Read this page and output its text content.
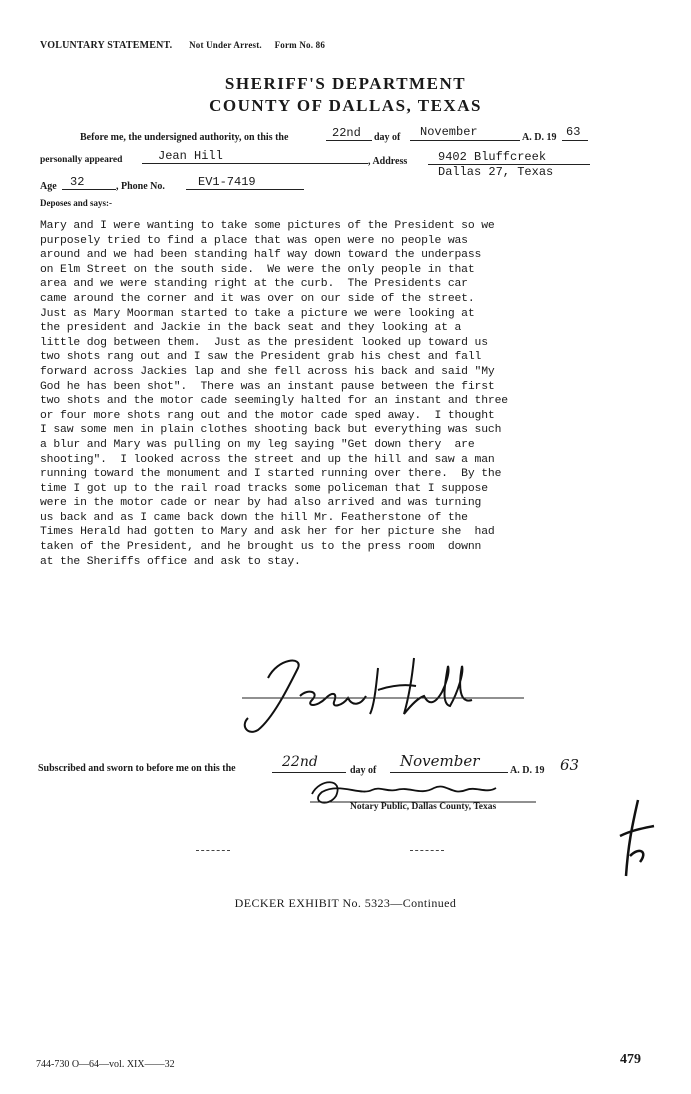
VOLUNTARY STATEMENT. Not Under Arrest. Form No. 86
SHERIFF'S DEPARTMENT
COUNTY OF DALLAS, TEXAS
Before me, the undersigned authority, on this the	22nd day of November	A. D. 19 63
personally appeared	Jean Hill	, Address	9402 Bluffcreek
Dallas 27, Texas
Age 32	, Phone No.	EV1-7419
Deposes and says:-
Mary and I were wanting to take some pictures of the President so we
purposely tried to find a place that was open were no people was
around and we had been standing half way down toward the underpass
on Elm Street on the south side.  We were the only people in that
area and we were standing right at the curb.  The Presidents car
came around the corner and it was over on our side of the street.
Just as Mary Moorman started to take a picture we were looking at
the president and Jackie in the back seat and they looking at a
little dog between them.  Just as the president looked up toward us
two shots rang out and I saw the President grab his chest and fall
forward across Jackies lap and she fell across his back and said "My
God he has been shot".  There was an instant pause between the first
two shots and the motor cade seemingly halted for an instant and three
or four more shots rang out and the motor cade sped away.  I thought
I saw some men in plain clothes shooting back but everything was such
a blur and Mary was pulling on my leg saying "Get down thery  are
shooting".  I looked across the street and up the hill and saw a man
running toward the monument and I started running over there.  By the
time I got up to the rail road tracks some policeman that I suppose
were in the motor cade or near by had also arrived and was turning
us back and as I came back down the hill Mr. Featherstone of the
Times Herald had gotten to Mary and ask her for her picture she  had
taken of the President, and he brought us to the press room  downn
at the Sheriffs office and ask to stay.
Subscribed and sworn to before me on this the	22nd
day of
November
A. D. 19 63
Notary Public, Dallas County, Texas
DECKER EXHIBIT No. 5323—Continued
744-730 O—64—vol. XIX——32	479
